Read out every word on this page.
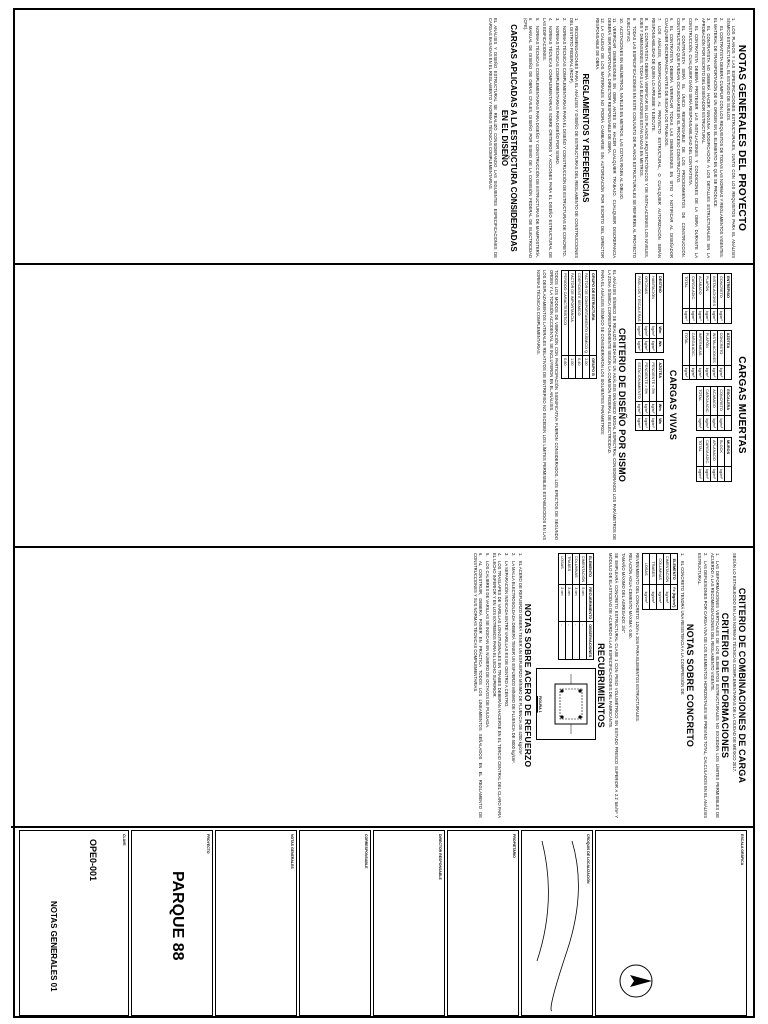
NOTAS GENERALES DEL PROYECTO
1.LOS PLANOS Y LAS ESPECIFICACIONES ESTRUCTURALES, JUNTO CON LOS REQUISITOS PARA EL ANÁLISIS SÍSMICO ESTRUCTURAL, EL ESTUDIO DE SUELOS.
2.EL CONTRATISTA DEBERÁ CUMPLIR CON LOS REQUISITOS DE TODAS LAS NORMAS Y REGLAMENTOS VIGENTES. EL MATERIAL DE TRANSPORTACIÓN DE UN ORIGEN EN EL ELEMENTO EN QUE SE PRODUCE.
3.EL CONTRATISTA NO DEBERÁ HACER NINGUNA MODIFICACIÓN A LOS DETALLES ESTRUCTURALES SIN LA APROBACIÓN POR ESCRITO DEL DISEÑADOR ESTRUCTURAL.
4.EL CONTRATISTA DEBERÁ PROTEGER LAS INSTALACIONES Y CONDICIONES DE LA OBRA DURANTE LA CONSTRUCCIÓN. CUALQUIER DAÑO SERÁ RESPONSABILIDAD DEL CONTRATISTA.
5.EL CONTRATISTA SERÁ EL ÚNICO RESPONSABLE DE LOS PROCEDIMIENTOS DE CONSTRUCCIÓN. CONSTRUCTIVO QUE PUEDAN OCASIONARSE EN EL PROCESO CONSTRUCTIVO.
6.EL CONTRATISTA DEBERÁ VERIFICAR TODAS LAS DIMENSIONES EN SITIO Y NOTIFICAR AL DISEÑADOR CUALQUIER DISCREPANCIA ANTES DE INICIAR LOS TRABAJOS.
7.LOS ANÁLISIS, MODIFICACIONES AL PROYECTO ESTRUCTURAL, O CUALQUIER AUTORIZACIÓN SERÁN RESPONSABILIDAD DE QUIEN LO APRUEBE Y EJECUTE.
8.EL CONTRATISTA DEBERÁ VERIFICAR EN LOS PLANOS ARQUITECTÓNICOS Y DE INSTALACIONES LOS NIVELES, EJES Y DIMENSIONES. TODAS LAS ELEVACIONES ESTÁN DADAS EN METROS.
9.TODAS LAS ESPECIFICACIONES EN ESTE CONJUNTO DE PLANOS ESTRUCTURALES SE REFIEREN AL PROYECTO EJECUTIVO.
10.ACOTACIONES EN MILÍMETROS, NIVELES EN METROS. LAS COTAS RIGEN AL DIBUJO.
11.VERIFICAR DIMENSIONES EN OBRA ANTES DE HACER CUALQUIER TRABAJO. CUALQUIER DISCREPANCIA DEBERÁ SER REPORTADA AL DIRECTOR RESPONSABLE DE OBRA.
12.LA CALIDAD DE LOS MATERIALES NO PODRÁ CAMBIARSE SIN AUTORIZACIÓN POR ESCRITO DEL DIRECTOR RESPONSABLE DE OBRA.
REGLAMENTOS Y REFERENCIAS
1.RECOMENDACIONES PARA EL ANÁLISIS Y DISEÑO DE ESTRUCTURAS DEL REGLAMENTO DE CONSTRUCCIONES DEL DISTRITO FEDERAL (RCDF).
2.NORMAS TÉCNICAS COMPLEMENTARIAS PARA EL DISEÑO Y CONSTRUCCIÓN DE ESTRUCTURAS DE CONCRETO.
3.NORMAS TÉCNICAS COMPLEMENTARIAS PARA DISEÑO POR SISMO.
4.NORMAS TÉCNICAS COMPLEMENTARIAS SOBRE CRITERIOS Y ACCIONES PARA EL DISEÑO ESTRUCTURAL DE LAS EDIFICACIONES.
5.NORMAS TÉCNICAS COMPLEMENTARIAS PARA DISEÑO Y CONSTRUCCIÓN DE ESTRUCTURAS DE MAMPOSTERÍA.
6.MANUAL DE DISEÑO DE OBRAS CIVILES, DISEÑO POR SISMO DE LA COMISIÓN FEDERAL DE ELECTRICIDAD (CFE).
CARGAS APLICADAS A LA ESTRUCTURA CONSIDERADAS EN EL DISEÑO
EL ANÁLISIS Y DISEÑO ESTRUCTURAL SE REALIZÓ CONSIDERANDO LAS SIGUIENTES ESPECIFICACIONES DE CARGAS BASADAS EN EL REGLAMENTO Y NORMAS TÉCNICAS COMPLEMENTARIAS.
CARGAS MUERTAS
ENTREPISO	
CONCRETO	kg/m²
INSTALACIONES	kg/m²
PLAFÓN	kg/m²
ACABADO	kg/m²
CARGA ADIC.	kg/m²
TOTAL	kg/m²
AZOTEA	
CONCRETO	kg/m²
INSTALACIONES	kg/m²
PLAFÓN	kg/m²
IMPERMEAB.	kg/m²
CARGA ADIC.	kg/m²
TOTAL	kg/m²
ESCALERA	
CONCRETO	kg/m²
ACABADO	kg/m²
CARGA ADIC.	kg/m²
TOTAL	kg/m²
MUROS	
BLOCK	kg/m²
APLANADO	kg/m²
CARGA ADIC.	kg/m²
TOTAL	kg/m²
CARGAS VIVAS
DESTINO	Wm	Wa
HABITACIÓN	kg/m²	kg/m²
OFICINAS	kg/m²	kg/m²
PASILLOS Y ESCALERAS	kg/m²	kg/m²
AZOTEA	Wm	Wa
PENDIENTE < 5%	kg/m²	kg/m²
PENDIENTE > 5%	kg/m²	kg/m²
ESTACIONAMIENTO	kg/m²	kg/m²
CRITERIO DE DISEÑO POR SISMO
EL ANÁLISIS SÍSMICO SE REALIZÓ MEDIANTE UN ANÁLISIS DINÁMICO MODAL ESPECTRAL CONSIDERANDO LOS PARÁMETROS DE LA ZONA SÍSMICA CORRESPONDIENTE SEGÚN LA COMISIÓN FEDERAL DE ELECTRICIDAD.
PARA EL ANÁLISIS SÍSMICO SE CONSIDERARON LOS SIGUIENTES PARÁMETROS:
GRUPO DE ESTRUCTURA	GRUPO B
FACTOR DE COMPORTAMIENTO SÍSMICO Q	2.00
COEFICIENTE SÍSMICO	0.40
FACTOR DE IMPORTANCIA	1.00
PERIODO CARACTERÍSTICO	0.60
TODOS LOS MODOS DE VIBRACIÓN CON PARTICIPACIÓN SIGNIFICATIVA FUERON CONSIDERADOS. LOS EFECTOS DE SEGUNDO ORDEN Y LA TORSIÓN ACCIDENTAL SE INCLUYERON EN EL ANÁLISIS.
LOS DESPLAZAMIENTOS LATERALES RELATIVOS DE ENTREPISO NO EXCEDEN LOS LÍMITES PERMISIBLES ESTABLECIDOS EN LAS NORMAS TÉCNICAS COMPLEMENTARIAS.
CRITERIO DE COMBINACIONES DE CARGA
SEGÚN LO ESTABLECIDO EN LAS NORMAS TÉCNICAS COMPLEMENTARIAS DE LA CIUDAD DE MÉXICO 2017.
CRITERIO DE DEFORMACIONES
1.LAS DEFORMACIONES VERTICALES DE LOS ELEMENTOS ESTRUCTURALES NO EXCEDEN LOS LÍMITES PERMISIBLES DE ACUERDO A LAS RECOMENDACIONES DEL REGLAMENTO VIGENTE.
2.LAS DEFLEXIONES POR CARGA VIVA DE LOS ELEMENTOS HORIZONTALES SE PREVINO TOTAL, CALCULADOS EN EL ANÁLISIS ESTRUCTURAL.
NOTAS SOBRE CONCRETO
1.EL CONCRETO TENDRÁ UNA RESISTENCIA A LA COMPRESIÓN DE:
ELEMENTO	f'c (kg/cm²)
CIMENTACIÓN	kg/cm²
COLUMNAS	kg/cm²
TRABES	kg/cm²
LOSAS	kg/cm²
REVENIMIENTO DEL CONCRETO: 12cm ± 2cm PARA ELEMENTOS ESTRUCTURALES.
RELACIÓN AGUA-CEMENTO MÁXIMA: 0.50.
TAMAÑO MÁXIMO DEL AGREGADO: 3/4".
SE EMPLEARÁ CONCRETO ESTRUCTURAL CLASE 1 CON PESO VOLUMÉTRICO EN ESTADO FRESCO SUPERIOR A 2.2 ton/m³ Y MÓDULO DE ELASTICIDAD DE ACUERDO A LAS ESPECIFICACIONES DEL FABRICANTE.
RECUBRIMIENTOS
ELEMENTO	RECUBRIMIENTO	OBSERVACIONES
CIMENTACIÓN	5 cm	-
COLUMNAS	3 cm	-
TRABES	3 cm	-
LOSAS	2 cm	-
FIGURA 1
NOTAS SOBRE ACERO DE REFUERZO
1.EL ACERO DE REFUERZO DEBERÁ TENER UN ESFUERZO MÍNIMO DE FLUENCIA DE 4200 kg/cm².
2.LA MALLA ELECTROSOLDADA DEBERÁ TENER UN ESFUERZO MÍNIMO DE FLUENCIA DE 5000 kg/cm².
3.LA SEPARACIÓN INDICADA ENTRE VARILLAS ES DE CENTRO A CENTRO.
4.LOS TRASLAPES DE VARILLAS LONGITUDINALES EN TRABES DEBERÁN HACERSE EN EL TERCIO CENTRAL DEL CLARO PARA EL LECHO INFERIOR Y EN LOS EXTREMOS PARA EL LECHO SUPERIOR.
5.LOS CALIBRES DE VARILLAS SE INDICAN EN NÚMERO DE OCTAVOS DE PULGADA.
6.AL CONSTRUIR, DEBERÁ PONER EN PRÁCTICA TODOS LOS LINEAMIENTOS SEÑALADOS EN EL REGLAMENTO DE CONSTRUCCIONES Y SUS NORMAS TÉCNICAS COMPLEMENTARIAS.
ESCALA GRÁFICA
CROQUIS DE LOCALIZACIÓN
PROPIETARIO
DIRECTOR RESPONSABLE
CORRESPONSABLE
NOTAS GENERALES
PROYECTO
PARQUE 88
CLAVE
OPE0-001
NOTAS GENERALES 01
